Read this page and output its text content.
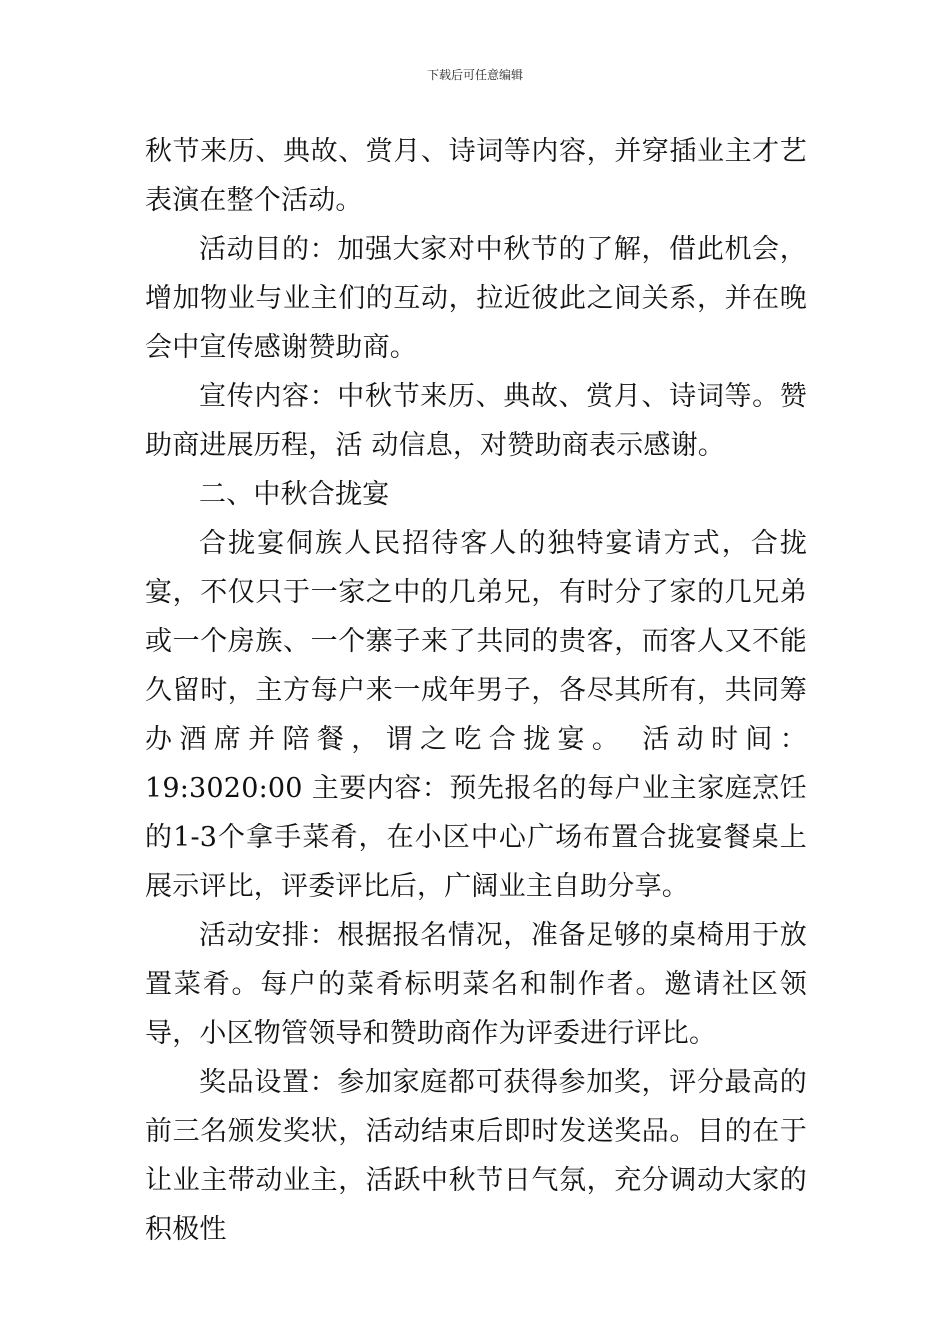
下载后可任意编辑

秋节来历、典故、赏月、诗词等内容，并穿插业主才艺表演在整个活动。

活动目的：加强大家对中秋节的了解，借此机会，增加物业与业主们的互动，拉近彼此之间关系，并在晚会中宣传感谢赞助商。

宣传内容：中秋节来历、典故、赏月、诗词等。赞助商进展历程，活 动信息，对赞助商表示感谢。

二、中秋合拢宴

合拢宴侗族人民招待客人的独特宴请方式，合拢宴，不仅只于一家之中的几弟兄，有时分了家的几兄弟或一个房族、一个寨子来了共同的贵客，而客人又不能久留时，主方每户来一成年男子，各尽其所有，共同筹办酒席并陪餐，谓之吃合拢宴。 活动时间：19:3020:00 主要内容：预先报名的每户业主家庭烹饪的1-3个拿手菜肴，在小区中心广场布置合拢宴餐桌上展示评比，评委评比后，广阔业主自助分享。

活动安排：根据报名情况，准备足够的桌椅用于放置菜肴。每户的菜肴标明菜名和制作者。邀请社区领导，小区物管领导和赞助商作为评委进行评比。

奖品设置：参加家庭都可获得参加奖，评分最高的前三名颁发奖状，活动结束后即时发送奖品。目的在于让业主带动业主，活跃中秋节日气氛，充分调动大家的积极性
